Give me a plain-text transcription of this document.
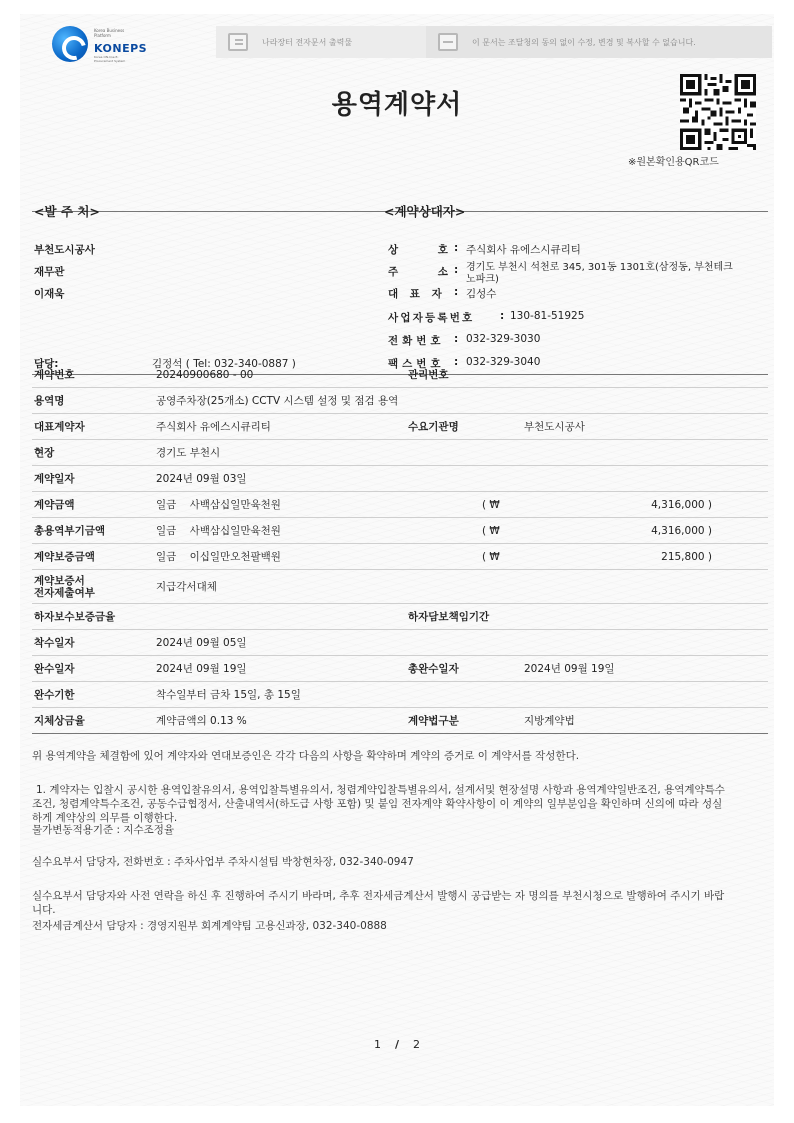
Korea Business Platform
KONEPS
Korea ON-line E-Procurement System
나라장터 전자문서 출력물	이 문서는 조달청의 동의 없이 수정, 변경 및 복사할 수 없습니다.
용역계약서
※원본확인용QR코드
<발 주 처>
부천도시공사
재무관
이재욱
담당:	김정석 ( Tel: 032-340-0887 )
<계약상대자>
상 호 : 주식회사 유에스시큐리티
주 소 : 경기도 부천시 석천로 345, 301동 1301호(삼정동, 부천테크
노파크)
대 표 자 : 김성수
사업자등록번호 : 130-81-51925
전화번호 : 032-329-3030
팩스번호 : 032-329-3040
계약번호	20240900680 - 00	관리번호
용역명	공영주차장(25개소) CCTV 시스템 설정 및 점검 용역
대표계약자	주식회사 유에스시큐리티	수요기관명	부천도시공사
현장	경기도 부천시
계약일자	2024년 09월 03일
계약금액	일금 사백삼십일만육천원	( ₩	4,316,000 )
총용역부기금액	일금 사백삼십일만육천원	( ₩	4,316,000 )
계약보증금액	일금 이십일만오천팔백원	( ₩	215,800 )
계약보증서
전자제출여부	지급각서대체
하자보수보증금율	하자담보책임기간
착수일자	2024년 09월 05일
완수일자	2024년 09월 19일	총완수일자	2024년 09월 19일
완수기한	착수일부터 금차 15일, 총 15일
지체상금율	계약금액의 0.13 %	계약법구분	지방계약법
위 용역계약을 체결함에 있어 계약자와 연대보증인은 각각 다음의 사항을 확약하며 계약의 증거로 이 계약서를 작성한다.
1. 계약자는 입찰시 공시한 용역입찰유의서, 용역입찰특별유의서, 청렴계약입찰특별유의서, 설계서및 현장설명 사항과 용역계약일반조건, 용역계약특수
조건, 청렴계약특수조건, 공동수급협정서, 산출내역서(하도급 사항 포함) 및 붙임 전자계약 확약사항이 이 계약의 일부분임을 확인하며 신의에 따라 성실
하게 계약상의 의무를 이행한다.
물가변동적용기준 : 지수조정율
실수요부서 담당자, 전화번호 : 주차사업부 주차시설팀 박창현차장, 032-340-0947
실수요부서 담당자와 사전 연락을 하신 후 진행하여 주시기 바라며, 추후 전자세금계산서 발행시 공급받는 자 명의를 부천시청으로 발행하여 주시기 바랍
니다.
전자세금계산서 담당자 : 경영지원부 회계계약팀 고용신과장, 032-340-0888
1 / 2
